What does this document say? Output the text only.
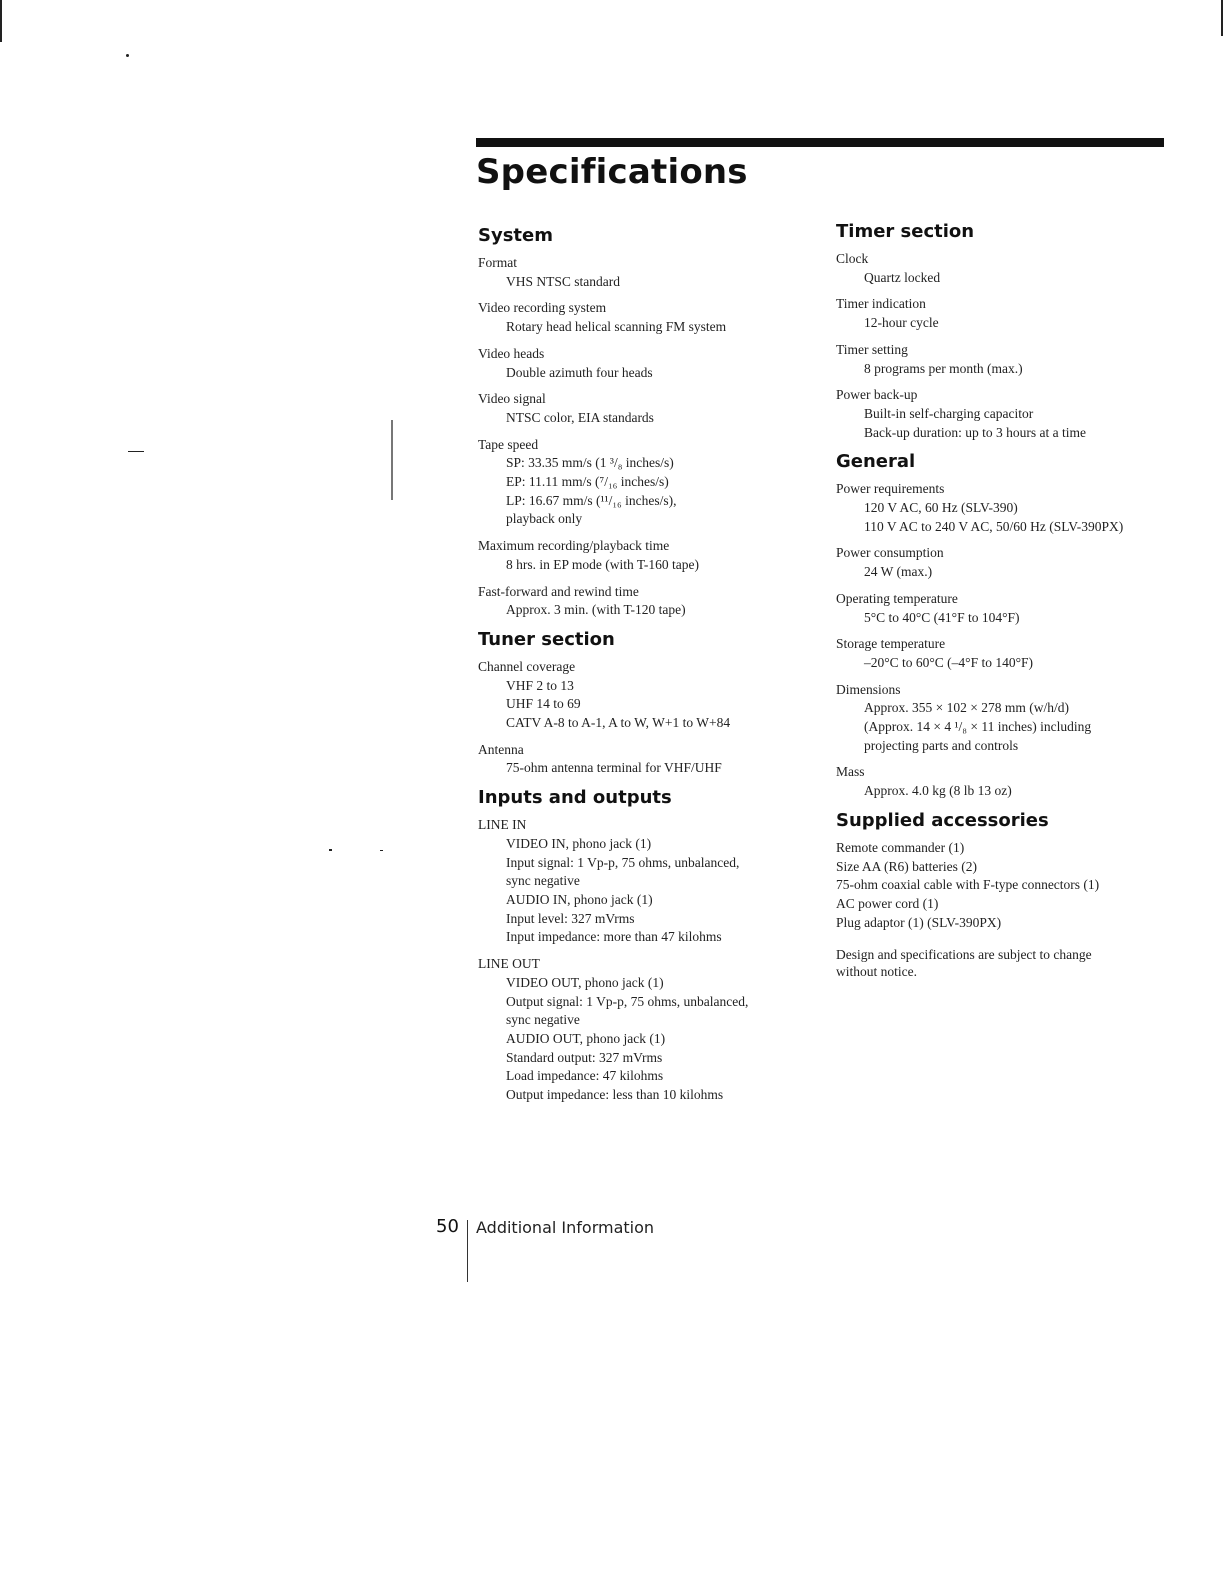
Specifications
System
Format
VHS NTSC standard
Video recording system
Rotary head helical scanning FM system
Video heads
Double azimuth four heads
Video signal
NTSC color, EIA standards
Tape speed
SP: 33.35 mm/s (1 ³/₈ inches/s)
EP: 11.11 mm/s (⁷/₁₆ inches/s)
LP: 16.67 mm/s (¹¹/₁₆ inches/s),
playback only
Maximum recording/playback time
8 hrs. in EP mode (with T-160 tape)
Fast-forward and rewind time
Approx. 3 min. (with T-120 tape)
Tuner section
Channel coverage
VHF 2 to 13
UHF 14 to 69
CATV A-8 to A-1, A to W, W+1 to W+84
Antenna
75-ohm antenna terminal for VHF/UHF
Inputs and outputs
LINE IN
VIDEO IN, phono jack (1)
Input signal: 1 Vp-p, 75 ohms, unbalanced,
sync negative
AUDIO IN, phono jack (1)
Input level: 327 mVrms
Input impedance: more than 47 kilohms
LINE OUT
VIDEO OUT, phono jack (1)
Output signal: 1 Vp-p, 75 ohms, unbalanced,
sync negative
AUDIO OUT, phono jack (1)
Standard output: 327 mVrms
Load impedance: 47 kilohms
Output impedance: less than 10 kilohms
Timer section
Clock
Quartz locked
Timer indication
12-hour cycle
Timer setting
8 programs per month (max.)
Power back-up
Built-in self-charging capacitor
Back-up duration: up to 3 hours at a time
General
Power requirements
120 V AC, 60 Hz (SLV-390)
110 V AC to 240 V AC, 50/60 Hz (SLV-390PX)
Power consumption
24 W (max.)
Operating temperature
5°C to 40°C (41°F to 104°F)
Storage temperature
–20°C to 60°C (–4°F to 140°F)
Dimensions
Approx. 355 × 102 × 278 mm (w/h/d)
(Approx. 14 × 4 ¹/₈ × 11 inches) including
projecting parts and controls
Mass
Approx. 4.0 kg (8 lb 13 oz)
Supplied accessories
Remote commander (1)
Size AA (R6) batteries (2)
75-ohm coaxial cable with F-type connectors (1)
AC power cord (1)
Plug adaptor (1) (SLV-390PX)
Design and specifications are subject to change without notice.
50 Additional Information
